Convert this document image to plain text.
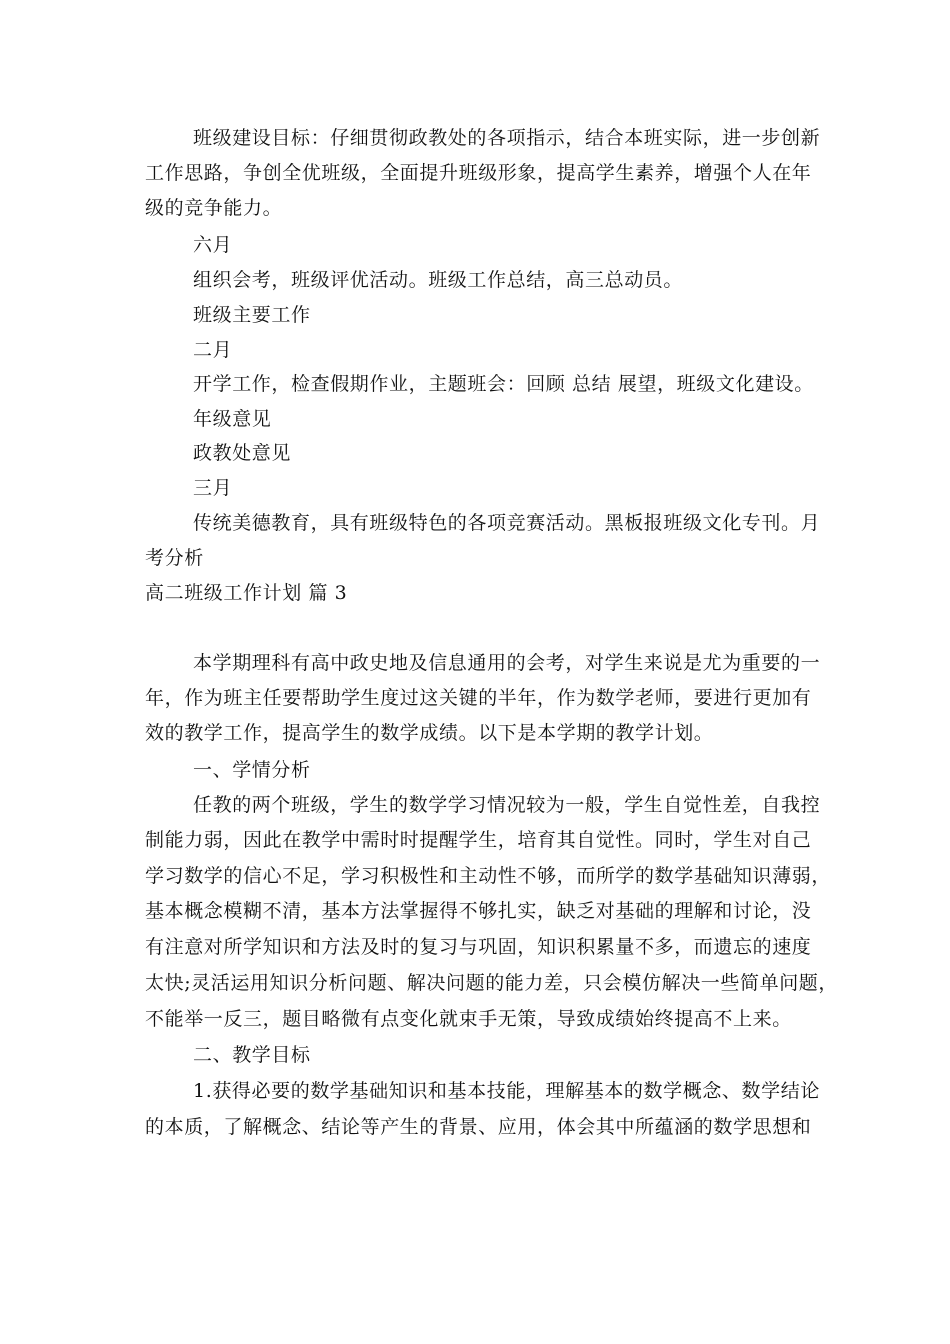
班级建设目标：仔细贯彻政教处的各项指示，结合本班实际，进一步创新
工作思路，争创全优班级，全面提升班级形象，提高学生素养，增强个人在年
级的竞争能力。
六月
组织会考，班级评优活动。班级工作总结，高三总动员。
班级主要工作
二月
开学工作，检查假期作业，主题班会：回顾 总结 展望，班级文化建设。
年级意见
政教处意见
三月
传统美德教育，具有班级特色的各项竞赛活动。黑板报班级文化专刊。月
考分析
高二班级工作计划 篇 3
本学期理科有高中政史地及信息通用的会考，对学生来说是尤为重要的一
年，作为班主任要帮助学生度过这关键的半年，作为数学老师，要进行更加有
效的教学工作，提高学生的数学成绩。以下是本学期的教学计划。
一、学情分析
任教的两个班级，学生的数学学习情况较为一般，学生自觉性差，自我控
制能力弱，因此在教学中需时时提醒学生，培育其自觉性。同时，学生对自己
学习数学的信心不足，学习积极性和主动性不够，而所学的数学基础知识薄弱，
基本概念模糊不清，基本方法掌握得不够扎实，缺乏对基础的理解和讨论，没
有注意对所学知识和方法及时的复习与巩固，知识积累量不多，而遗忘的速度
太快;灵活运用知识分析问题、解决问题的能力差，只会模仿解决一些简单问题，
不能举一反三，题目略微有点变化就束手无策，导致成绩始终提高不上来。
二、教学目标
1.获得必要的数学基础知识和基本技能，理解基本的数学概念、数学结论
的本质，了解概念、结论等产生的背景、应用，体会其中所蕴涵的数学思想和
